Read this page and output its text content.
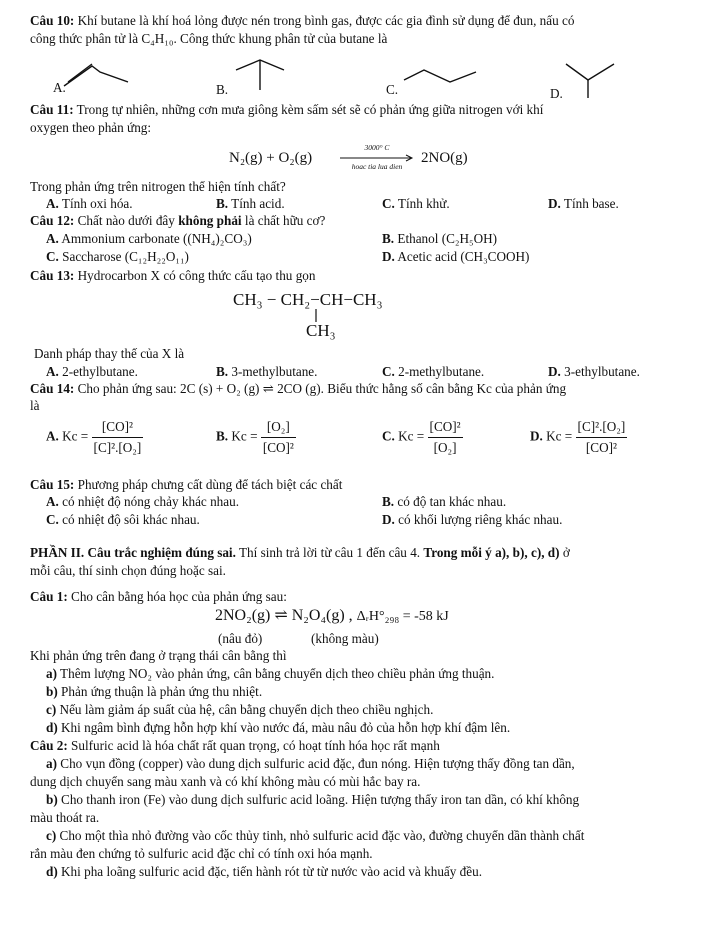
Câu 10: Khí butane là khí hoá lỏng được nén trong bình gas, được các gia đình sử dụng để đun, nấu có
công thức phân tử là C₄H₁₀. Công thức khung phân tử của butane là
A.	B.	C.	D.
Câu 11: Trong tự nhiên, những cơn mưa giông kèm sấm sét sẽ có phản ứng giữa nitrogen với khí
oxygen theo phản ứng:
N₂(g) + O₂(g)
3000° C
hoac tia lua dien
2NO(g)
Trong phản ứng trên nitrogen thể hiện tính chất?
A. Tính oxi hóa.	B. Tính acid.	C. Tính khử.	D. Tính base.
Câu 12: Chất nào dưới đây không phải là chất hữu cơ?
A. Ammonium carbonate ((NH₄)₂CO₃)	B. Ethanol (C₂H₅OH)
C. Saccharose (C₁₂H₂₂O₁₁)	D. Acetic acid (CH₃COOH)
Câu 13: Hydrocarbon X có công thức cấu tạo thu gọn
CH₃ − CH₂−CH−CH₃
CH₃
Danh pháp thay thế của X là
A. 2-ethylbutane.	B. 3-methylbutane.	C. 2-methylbutane.	D. 3-ethylbutane.
Câu 14: Cho phản ứng sau: 2C (s) + O₂ (g) ⇌ 2CO (g). Biểu thức hằng số cân bằng Kc của phản ứng
là
A. $Kc = \frac{\text{[CO]²}}{\text{[C]².[O₂]}}$	B. $Kc = \frac{\text{[O₂]}}{\text{[CO]²}}$	C. $Kc = \frac{\text{[CO]²}}{\text{[O₂]}}$	D. $Kc = \frac{\text{[C]².[O₂]}}{\text{[CO]²}}$
Câu 15: Phương pháp chưng cất dùng để tách biệt các chất
A. có nhiệt độ nóng chảy khác nhau.	B. có độ tan khác nhau.
C. có nhiệt độ sôi khác nhau.	D. có khối lượng riêng khác nhau.
PHẦN II. Câu trắc nghiệm đúng sai. Thí sinh trả lời từ câu 1 đến câu 4. Trong mỗi ý a), b), c), d) ở
mỗi câu, thí sinh chọn đúng hoặc sai.
Câu 1: Cho cân bằng hóa học của phản ứng sau:
2NO₂(g) ⇌ N₂O₄(g) , ΔᵣH°₂₉₈ = -58 kJ
(nâu đỏ)	(không màu)
Khi phản ứng trên đang ở trạng thái cân bằng thì
a) Thêm lượng NO₂ vào phản ứng, cân bằng chuyển dịch theo chiều phản ứng thuận.
b) Phản ứng thuận là phản ứng thu nhiệt.
c) Nếu làm giảm áp suất của hệ, cân bằng chuyển dịch theo chiều nghịch.
d) Khi ngâm bình đựng hỗn hợp khí vào nước đá, màu nâu đỏ của hỗn hợp khí đậm lên.
Câu 2: Sulfuric acid là hóa chất rất quan trọng, có hoạt tính hóa học rất mạnh
a) Cho vụn đồng (copper) vào dung dịch sulfuric acid đặc, đun nóng. Hiện tượng thấy đồng tan dần,
dung dịch chuyển sang màu xanh và có khí không màu có mùi hắc bay ra.
b) Cho thanh iron (Fe) vào dung dịch sulfuric acid loãng. Hiện tượng thấy iron tan dần, có khí không
màu thoát ra.
c) Cho một thìa nhỏ đường vào cốc thủy tinh, nhỏ sulfuric acid đặc vào, đường chuyển dần thành chất
rắn màu đen chứng tỏ sulfuric acid đặc chỉ có tính oxi hóa mạnh.
d) Khi pha loãng sulfuric acid đặc, tiến hành rót từ từ nước vào acid và khuấy đều.
